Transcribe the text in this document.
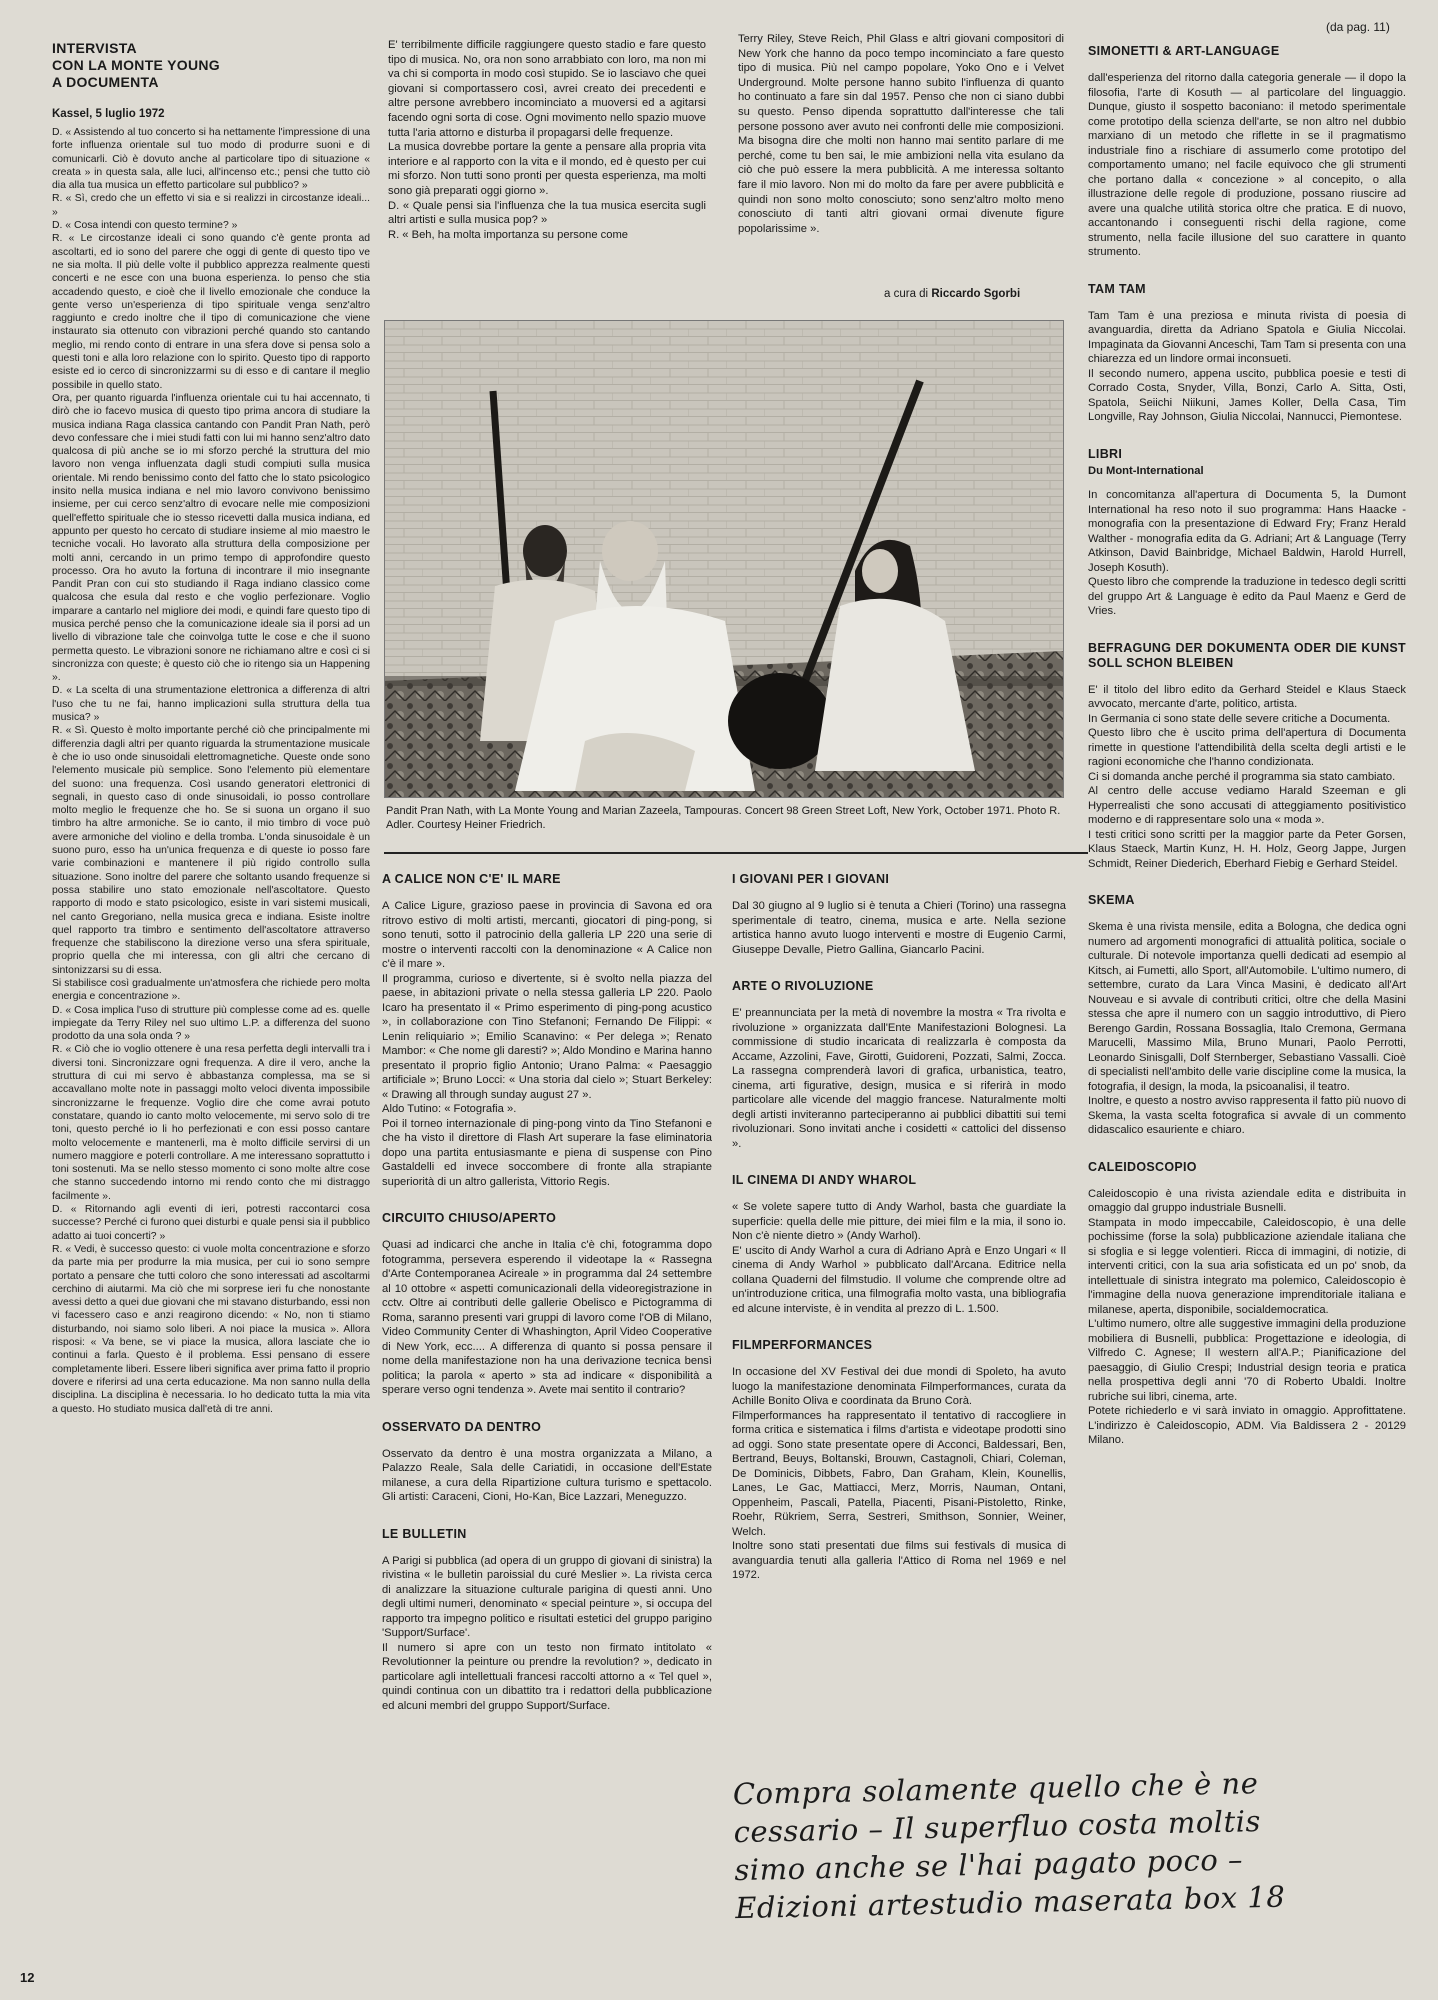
(da pag. 11)
INTERVISTA
CON LA MONTE YOUNG
A DOCUMENTA
Kassel, 5 luglio 1972

D. « Assistendo al tuo concerto si ha nettamente l'impressione di una forte influenza orientale sul tuo modo di produrre suoni e di comunicarli. Ciò è dovuto anche al particolare tipo di situazione « creata » in questa sala, alle luci, all'incenso etc.; pensi che tutto ciò dia alla tua musica un effetto particolare sul pubblico? »

R. « Sì, credo che un effetto vi sia e si realizzi in circostanze ideali... »

D. « Cosa intendi con questo termine? »

R. « Le circostanze ideali ci sono quando c'è gente pronta ad ascoltarti, ed io sono del parere che oggi di gente di questo tipo ve ne sia molta. Il più delle volte il pubblico apprezza realmente questi concerti e ne esce con una buona esperienza. Io penso che stia accadendo questo, e cioè che il livello emozionale che conduce la gente verso un'esperienza di tipo spirituale venga senz'altro raggiunto e credo inoltre che il tipo di comunicazione che viene instaurato sia ottenuto con vibrazioni perché quando sto cantando meglio, mi rendo conto di entrare in una sfera dove si pensa solo a questi toni e alla loro relazione con lo spirito. Questo tipo di rapporto esiste ed io cerco di sincronizzarmi su di esso e di cantare il meglio possibile in quello stato.

Ora, per quanto riguarda l'influenza orientale cui tu hai accennato, ti dirò che io facevo musica di questo tipo prima ancora di studiare la musica indiana Raga classica cantando con Pandit Pran Nath, però devo confessare che i miei studi fatti con lui mi hanno senz'altro dato qualcosa di più anche se io mi sforzo perché la struttura del mio lavoro non venga influenzata dagli studi compiuti sulla musica orientale. Mi rendo benissimo conto del fatto che lo stato psicologico insito nella musica indiana e nel mio lavoro convivono benissimo insieme, per cui cerco senz'altro di evocare nelle mie composizioni quell'effetto spirituale che io stesso ricevetti dalla musica indiana, ed appunto per questo ho cercato di studiare insieme al mio maestro le tecniche vocali. Ho lavorato alla struttura della composizione per molti anni, cercando in un primo tempo di approfondire questo processo. Ora ho avuto la fortuna di incontrare il mio insegnante Pandit Pran con cui sto studiando il Raga indiano classico come qualcosa che esula dal resto e che voglio perfezionare. Voglio imparare a cantarlo nel migliore dei modi, e quindi fare questo tipo di musica perché penso che la comunicazione ideale sia il porsi ad un livello di vibrazione tale che coinvolga tutte le cose e che il suono permetta questo. Le vibrazioni sonore ne richiamano altre e così ci si sincronizza con queste; è questo ciò che io ritengo sia un Happening ».

D. « La scelta di una strumentazione elettronica a differenza di altri l'uso che tu ne fai, hanno implicazioni sulla struttura della tua musica? »

R. « Sì. Questo è molto importante perché ciò che principalmente mi differenzia dagli altri per quanto riguarda la strumentazione musicale è che io uso onde sinusoidali elettromagnetiche. Queste onde sono l'elemento musicale più semplice. Sono l'elemento più elementare del suono: una frequenza. Così usando generatori elettronici di segnali, in questo caso di onde sinusoidali, io posso controllare molto meglio le frequenze che ho. Se si suona un organo il suo timbro ha altre armoniche. Se io canto, il mio timbro di voce può avere armoniche del violino e della tromba. L'onda sinusoidale è un suono puro, esso ha un'unica frequenza e di queste io posso fare varie combinazioni e mantenere il più rigido controllo sulla situazione. Sono inoltre del parere che soltanto usando frequenze si possa stabilire uno stato emozionale nell'ascoltatore. Questo rapporto di modo e stato psicologico, esiste in vari sistemi musicali, nel canto Gregoriano, nella musica greca e indiana. Esiste inoltre quel rapporto tra timbro e sentimento dell'ascoltatore attraverso frequenze che stabiliscono la direzione verso una sfera spirituale, proprio quella che mi interessa, con gli altri che cercano di sintonizzarsi su di essa.

Si stabilisce così gradualmente un'atmosfera che richiede pero molta energia e concentrazione ».

D. « Cosa implica l'uso di strutture più complesse come ad es. quelle impiegate da Terry Riley nel suo ultimo L.P. a differenza del suono prodotto da una sola onda ? »

R. « Ciò che io voglio ottenere è una resa perfetta degli intervalli tra i diversi toni. Sincronizzare ogni frequenza. A dire il vero, anche la struttura di cui mi servo è abbastanza complessa, ma se si accavallano molte note in passaggi molto veloci diventa impossibile sincronizzarne le frequenze. Voglio dire che come avrai potuto constatare, quando io canto molto velocemente, mi servo solo di tre toni, questo perché io li ho perfezionati e con essi posso cantare molto velocemente e mantenerli, ma è molto difficile servirsi di un numero maggiore e poterli controllare. A me interessano soprattutto i toni sostenuti. Ma se nello stesso momento ci sono molte altre cose che stanno succedendo intorno mi rendo conto che mi distraggo facilmente ».

D. « Ritornando agli eventi di ieri, potresti raccontarci cosa successe? Perché ci furono quei disturbi e quale pensi sia il pubblico adatto ai tuoi concerti? »

R. « Vedi, è successo questo: ci vuole molta concentrazione e sforzo da parte mia per produrre la mia musica, per cui io sono sempre portato a pensare che tutti coloro che sono interessati ad ascoltarmi cerchino di aiutarmi. Ma ciò che mi sorprese ieri fu che nonostante avessi detto a quei due giovani che mi stavano disturbando, essi non vi facessero caso e anzi reagirono dicendo: « No, non ti stiamo disturbando, noi siamo solo liberi. A noi piace la musica ». Allora risposi: « Va bene, se vi piace la musica, allora lasciate che io continui a farla. Questo è il problema. Essi pensano di essere completamente liberi. Essere liberi significa aver prima fatto il proprio dovere e riferirsi ad una certa educazione. Ma non sanno nulla della disciplina. La disciplina è necessaria. Io ho dedicato tutta la mia vita a questo. Ho studiato musica dall'età di tre anni.

E' terribilmente difficile raggiungere questo stadio e fare questo tipo di musica. No, ora non sono arrabbiato con loro, ma non mi va chi si comporta in modo così stupido. Se io lasciavo che quei giovani si comportassero così, avrei creato dei precedenti e altre persone avrebbero incominciato a muoversi ed a agitarsi facendo ogni sorta di cose. Ogni movimento nello spazio muove tutta l'aria attorno e disturba il propagarsi delle frequenze.

La musica dovrebbe portare la gente a pensare alla propria vita interiore e al rapporto con la vita e il mondo, ed è questo per cui mi sforzo. Non tutti sono pronti per questa esperienza, ma molti sono già preparati oggi giorno ».

D. « Quale pensi sia l'influenza che la tua musica esercita sugli altri artisti e sulla musica pop? »

R. « Beh, ha molta importanza su persone come

Terry Riley, Steve Reich, Phil Glass e altri giovani compositori di New York che hanno da poco tempo incominciato a fare questo tipo di musica. Più nel campo popolare, Yoko Ono e i Velvet Underground. Molte persone hanno subito l'influenza di quanto ho continuato a fare sin dal 1957. Penso che non ci siano dubbi su questo. Penso dipenda soprattutto dall'interesse che tali persone possono aver avuto nei confronti delle mie composizioni. Ma bisogna dire che molti non hanno mai sentito parlare di me perché, come tu ben sai, le mie ambizioni nella vita esulano da ciò che può essere la mera pubblicità. A me interessa soltanto fare il mio lavoro. Non mi do molto da fare per avere pubblicità e quindi non sono molto conosciuto; sono senz'altro molto meno conosciuto di tanti altri giovani ormai divenute figure popolarissime ».

a cura di Riccardo Sgorbi
Pandit Pran Nath, with La Monte Young and Marian Zazeela, Tampouras. Concert 98 Green Street Loft, New York, October 1971. Photo R. Adler. Courtesy Heiner Friedrich.
A CALICE NON C'E' IL MARE

A Calice Ligure, grazioso paese in provincia di Savona ed ora ritrovo estivo di molti artisti, mercanti, giocatori di ping-pong, si sono tenuti, sotto il patrocinio della galleria LP 220 una serie di mostre o interventi raccolti con la denominazione « A Calice non c'è il mare ».

Il programma, curioso e divertente, si è svolto nella piazza del paese, in abitazioni private o nella stessa galleria LP 220. Paolo Icaro ha presentato il « Primo esperimento di ping-pong acustico », in collaborazione con Tino Stefanoni; Fernando De Filippi: « Lenin reliquiario »; Emilio Scanavino: « Per delega »; Renato Mambor: « Che nome gli daresti? »; Aldo Mondino e Marina hanno presentato il proprio figlio Antonio; Urano Palma: « Paesaggio artificiale »; Bruno Locci: « Una storia dal cielo »; Stuart Berkeley: « Drawing all through sunday august 27 ».

Aldo Tutino: « Fotografia ».

Poi il torneo internazionale di ping-pong vinto da Tino Stefanoni e che ha visto il direttore di Flash Art superare la fase eliminatoria dopo una partita entusiasmante e piena di suspense con Pino Gastaldelli ed invece soccombere di fronte alla strapiante superiorità di un altro gallerista, Vittorio Regis.

CIRCUITO CHIUSO/APERTO

Quasi ad indicarci che anche in Italia c'è chi, fotogramma dopo fotogramma, persevera esperendo il videotape la « Rassegna d'Arte Contemporanea Acireale » in programma dal 24 settembre al 10 ottobre « aspetti comunicazionali della videoregistrazione in cctv. Oltre ai contributi delle gallerie Obelisco e Pictogramma di Roma, saranno presenti vari gruppi di lavoro come l'OB di Milano, Video Community Center di Whashington, April Video Cooperative di New York, ecc.... A differenza di quanto si possa pensare il nome della manifestazione non ha una derivazione tecnica bensì politica; la parola « aperto » sta ad indicare « disponibilità a sperare verso ogni tendenza ». Avete mai sentito il contrario?

OSSERVATO DA DENTRO

Osservato da dentro è una mostra organizzata a Milano, a Palazzo Reale, Sala delle Cariatidi, in occasione dell'Estate milanese, a cura della Ripartizione cultura turismo e spettacolo. Gli artisti: Caraceni, Cioni, Ho-Kan, Bice Lazzari, Meneguzzo.

LE BULLETIN

A Parigi si pubblica (ad opera di un gruppo di giovani di sinistra) la rivistina « le bulletin paroissial du curé Meslier ». La rivista cerca di analizzare la situazione culturale parigina di questi anni. Uno degli ultimi numeri, denominato « special peinture », si occupa del rapporto tra impegno politico e risultati estetici del gruppo parigino 'Support/Surface'.

Il numero si apre con un testo non firmato intitolato « Revolutionner la peinture ou prendre la revolution? », dedicato in particolare agli intellettuali francesi raccolti attorno a « Tel quel », quindi continua con un dibattito tra i redattori della pubblicazione ed alcuni membri del gruppo Support/Surface.

I GIOVANI PER I GIOVANI

Dal 30 giugno al 9 luglio si è tenuta a Chieri (Torino) una rassegna sperimentale di teatro, cinema, musica e arte. Nella sezione artistica hanno avuto luogo interventi e mostre di Eugenio Carmi, Giuseppe Devalle, Pietro Gallina, Giancarlo Pacini.

ARTE O RIVOLUZIONE

E' preannunciata per la metà di novembre la mostra « Tra rivolta e rivoluzione » organizzata dall'Ente Manifestazioni Bolognesi. La commissione di studio incaricata di realizzarla è composta da Accame, Azzolini, Fave, Girotti, Guidoreni, Pozzati, Salmi, Zocca. La rassegna comprenderà lavori di grafica, urbanistica, teatro, cinema, arti figurative, design, musica e si riferirà in modo particolare alle vicende del maggio francese. Naturalmente molti degli artisti inviteranno parteciperanno ai pubblici dibattiti sui temi rivoluzionari. Sono invitati anche i cosidetti « cattolici del dissenso ».

IL CINEMA DI ANDY WHAROL

« Se volete sapere tutto di Andy Warhol, basta che guardiate la superficie: quella delle mie pitture, dei miei film e la mia, il sono io. Non c'è niente dietro » (Andy Warhol).

E' uscito di Andy Warhol a cura di Adriano Aprà e Enzo Ungari « Il cinema di Andy Warhol » pubblicato dall'Arcana. Editrice nella collana Quaderni del filmstudio. Il volume che comprende oltre ad un'introduzione critica, una filmografia molto vasta, una bibliografia ed alcune interviste, è in vendita al prezzo di L. 1.500.

FILMPERFORMANCES

In occasione del XV Festival dei due mondi di Spoleto, ha avuto luogo la manifestazione denominata Filmperformances, curata da Achille Bonito Oliva e coordinata da Bruno Corà.

Filmperformances ha rappresentato il tentativo di raccogliere in forma critica e sistematica i films d'artista e videotape prodotti sino ad oggi. Sono state presentate opere di Acconci, Baldessari, Ben, Bertrand, Beuys, Boltanski, Brouwn, Castagnoli, Chiari, Coleman, De Dominicis, Dibbets, Fabro, Dan Graham, Klein, Kounellis, Lanes, Le Gac, Mattiacci, Merz, Morris, Nauman, Ontani, Oppenheim, Pascali, Patella, Piacenti, Pisani-Pistoletto, Rinke, Roehr, Rükriem, Serra, Sestreri, Smithson, Sonnier, Weiner, Welch.

Inoltre sono stati presentati due films sui festivals di musica di avanguardia tenuti alla galleria l'Attico di Roma nel 1969 e nel 1972.

SIMONETTI & ART-LANGUAGE

dall'esperienza del ritorno dalla categoria generale — il dopo la filosofia, l'arte di Kosuth — al particolare del linguaggio. Dunque, giusto il sospetto baconiano: il metodo sperimentale come prototipo della scienza dell'arte, se non altro nel dubbio marxiano di un metodo che riflette in se il pragmatismo industriale fino a rischiare di assumerlo come prototipo del comportamento umano; nel facile equivoco che gli strumenti che portano dalla « concezione » al concepito, o alla illustrazione delle regole di produzione, possano riuscire ad avere una qualche utilità storica oltre che pratica. E di nuovo, accantonando i conseguenti rischi della ragione, come strumento, nella facile illusione del suo carattere in quanto strumento.

TAM TAM

Tam Tam è una preziosa e minuta rivista di poesia di avanguardia, diretta da Adriano Spatola e Giulia Niccolai. Impaginata da Giovanni Anceschi, Tam Tam si presenta con una chiarezza ed un lindore ormai inconsueti.

Il secondo numero, appena uscito, pubblica poesie e testi di Corrado Costa, Snyder, Villa, Bonzi, Carlo A. Sitta, Osti, Spatola, Seiichi Niikuni, James Koller, Della Casa, Tim Longville, Ray Johnson, Giulia Niccolai, Nannucci, Piemontese.

LIBRI
Du Mont-International

In concomitanza all'apertura di Documenta 5, la Dumont International ha reso noto il suo programma: Hans Haacke - monografia con la presentazione di Edward Fry; Franz Herald Walther - monografia edita da G. Adriani; Art & Language (Terry Atkinson, David Bainbridge, Michael Baldwin, Harold Hurrell, Joseph Kosuth).

Questo libro che comprende la traduzione in tedesco degli scritti del gruppo Art & Language è edito da Paul Maenz e Gerd de Vries.

BEFRAGUNG DER DOKUMENTA ODER DIE KUNST SOLL SCHON BLEIBEN

E' il titolo del libro edito da Gerhard Steidel e Klaus Staeck avvocato, mercante d'arte, politico, artista.

In Germania ci sono state delle severe critiche a Documenta.

Questo libro che è uscito prima dell'apertura di Documenta rimette in questione l'attendibilità della scelta degli artisti e le ragioni economiche che l'hanno condizionata.

Ci si domanda anche perché il programma sia stato cambiato.

Al centro delle accuse vediamo Harald Szeeman e gli Hyperrealisti che sono accusati di atteggiamento positivistico moderno e di rappresentare solo una « moda ».

I testi critici sono scritti per la maggior parte da Peter Gorsen, Klaus Staeck, Martin Kunz, H. H. Holz, Georg Jappe, Jurgen Schmidt, Reiner Diederich, Eberhard Fiebig e Gerhard Steidel.

SKEMA

Skema è una rivista mensile, edita a Bologna, che dedica ogni numero ad argomenti monografici di attualità politica, sociale o culturale. Di notevole importanza quelli dedicati ad esempio al Kitsch, ai Fumetti, allo Sport, all'Automobile. L'ultimo numero, di settembre, curato da Lara Vinca Masini, è dedicato all'Art Nouveau e si avvale di contributi critici, oltre che della Masini stessa che apre il numero con un saggio introduttivo, di Piero Berengo Gardin, Rossana Bossaglia, Italo Cremona, Germana Marucelli, Massimo Mila, Bruno Munari, Paolo Perrotti, Leonardo Sinisgalli, Dolf Sternberger, Sebastiano Vassalli. Cioè di specialisti nell'ambito delle varie discipline come la musica, la fotografia, il design, la moda, la psicoanalisi, il teatro.

Inoltre, e questo a nostro avviso rappresenta il fatto più nuovo di Skema, la vasta scelta fotografica si avvale di un commento didascalico esauriente e chiaro.

CALEIDOSCOPIO

Caleidoscopio è una rivista aziendale edita e distribuita in omaggio dal gruppo industriale Busnelli.

Stampata in modo impeccabile, Caleidoscopio, è una delle pochissime (forse la sola) pubblicazione aziendale italiana che si sfoglia e si legge volentieri. Ricca di immagini, di notizie, di interventi critici, con la sua aria sofisticata ed un po' snob, da intellettuale di sinistra integrato ma polemico, Caleidoscopio è l'immagine della nuova generazione imprenditoriale italiana e milanese, aperta, disponibile, socialdemocratica.

L'ultimo numero, oltre alle suggestive immagini della produzione mobiliera di Busnelli, pubblica: Progettazione e ideologia, di Vilfredo C. Agnese; Il western all'A.P.; Pianificazione del paesaggio, di Giulio Crespi; Industrial design teoria e pratica nella prospettiva degli anni '70 di Roberto Ubaldi. Inoltre rubriche sui libri, cinema, arte.

Potete richiederlo e vi sarà inviato in omaggio. Approfittatene. L'indirizzo è Caleidoscopio, ADM. Via Baldissera 2 - 20129 Milano.

Compra solamente quello che è ne
cessario – Il superfluo costa moltis
simo anche se l'hai pagato poco –
Edizioni artestudio maserata box 18
12
